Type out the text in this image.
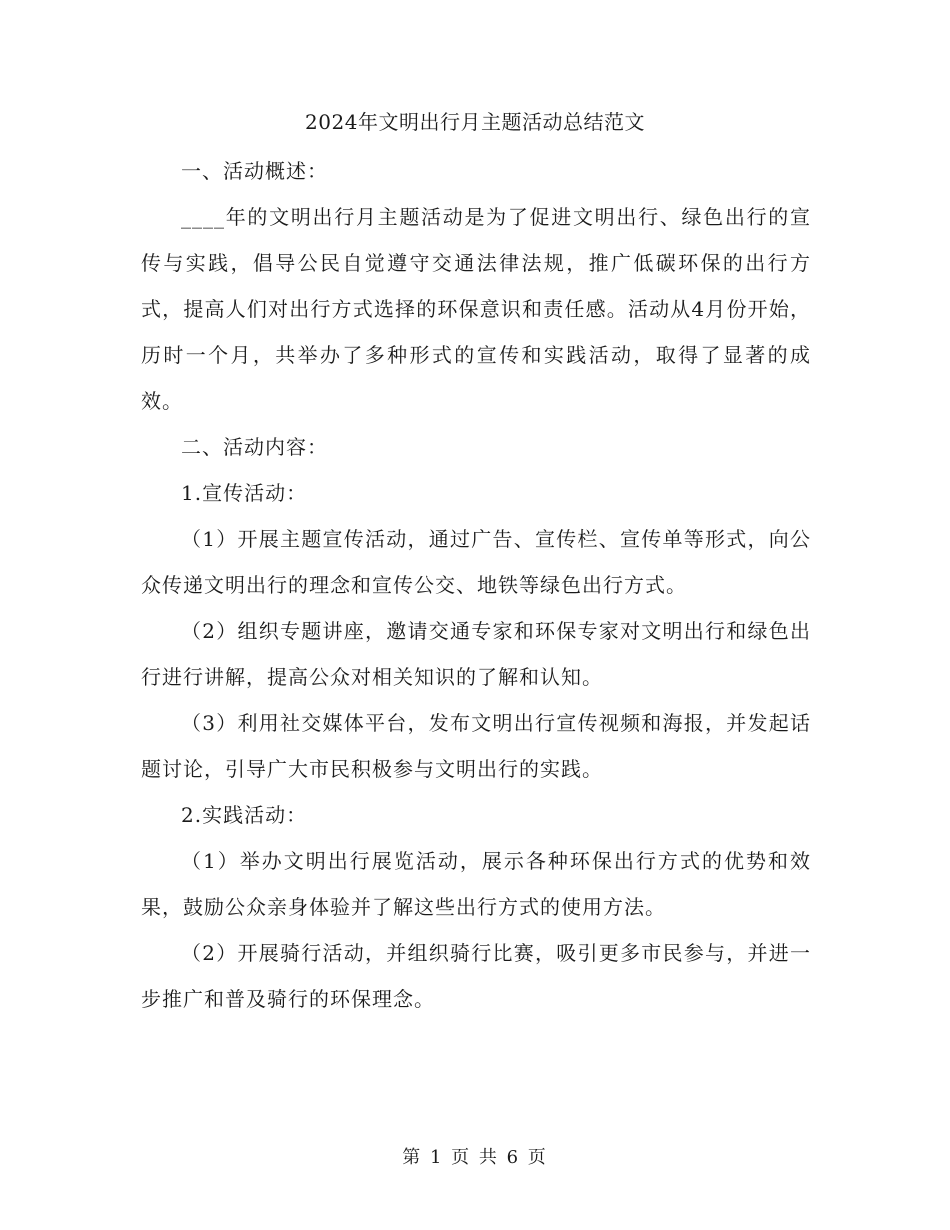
2024年文明出行月主题活动总结范文

一、活动概述：

____年的文明出行月主题活动是为了促进文明出行、绿色出行的宣传与实践，倡导公民自觉遵守交通法律法规，推广低碳环保的出行方式，提高人们对出行方式选择的环保意识和责任感。活动从4月份开始，历时一个月，共举办了多种形式的宣传和实践活动，取得了显著的成效。

二、活动内容：

1.宣传活动：

（1）开展主题宣传活动，通过广告、宣传栏、宣传单等形式，向公众传递文明出行的理念和宣传公交、地铁等绿色出行方式。

（2）组织专题讲座，邀请交通专家和环保专家对文明出行和绿色出行进行讲解，提高公众对相关知识的了解和认知。

（3）利用社交媒体平台，发布文明出行宣传视频和海报，并发起话题讨论，引导广大市民积极参与文明出行的实践。

2.实践活动：

（1）举办文明出行展览活动，展示各种环保出行方式的优势和效果，鼓励公众亲身体验并了解这些出行方式的使用方法。

（2）开展骑行活动，并组织骑行比赛，吸引更多市民参与，并进一步推广和普及骑行的环保理念。

第 1 页 共 6 页
